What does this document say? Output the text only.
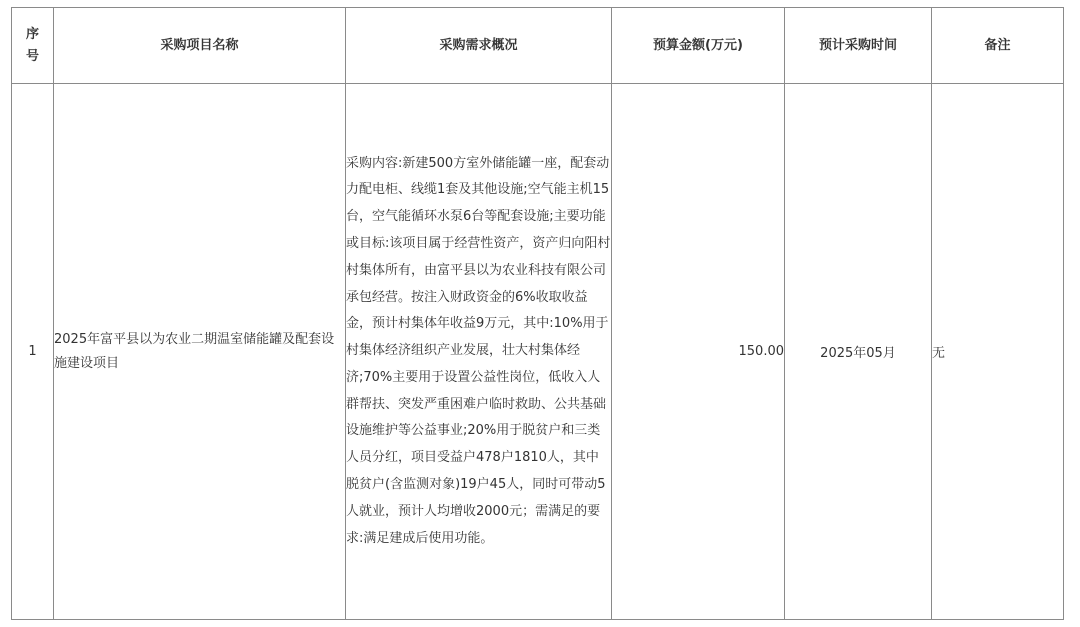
序号	采购项目名称	采购需求概况	预算金额(万元)	预计采购时间	备注
1	2025年富平县以为农业二期温室储能罐及配套设施建设项目	采购内容:新建500方室外储能罐一座，配套动力配电柜、线缆1套及其他设施;空气能主机15台，空气能循环水泵6台等配套设施;主要功能或目标:该项目属于经营性资产，资产归向阳村村集体所有，由富平县以为农业科技有限公司承包经营。按注入财政资金的6%收取收益金，预计村集体年收益9万元，其中:10%用于村集体经济组织产业发展，壮大村集体经济;70%主要用于设置公益性岗位，低收入人群帮扶、突发严重困难户临时救助、公共基础设施维护等公益事业;20%用于脱贫户和三类人员分红，项目受益户478户1810人，其中脱贫户(含监测对象)19户45人，同时可带动5人就业，预计人均增收2000元；需满足的要求:满足建成后使用功能。	150.00	2025年05月	无
